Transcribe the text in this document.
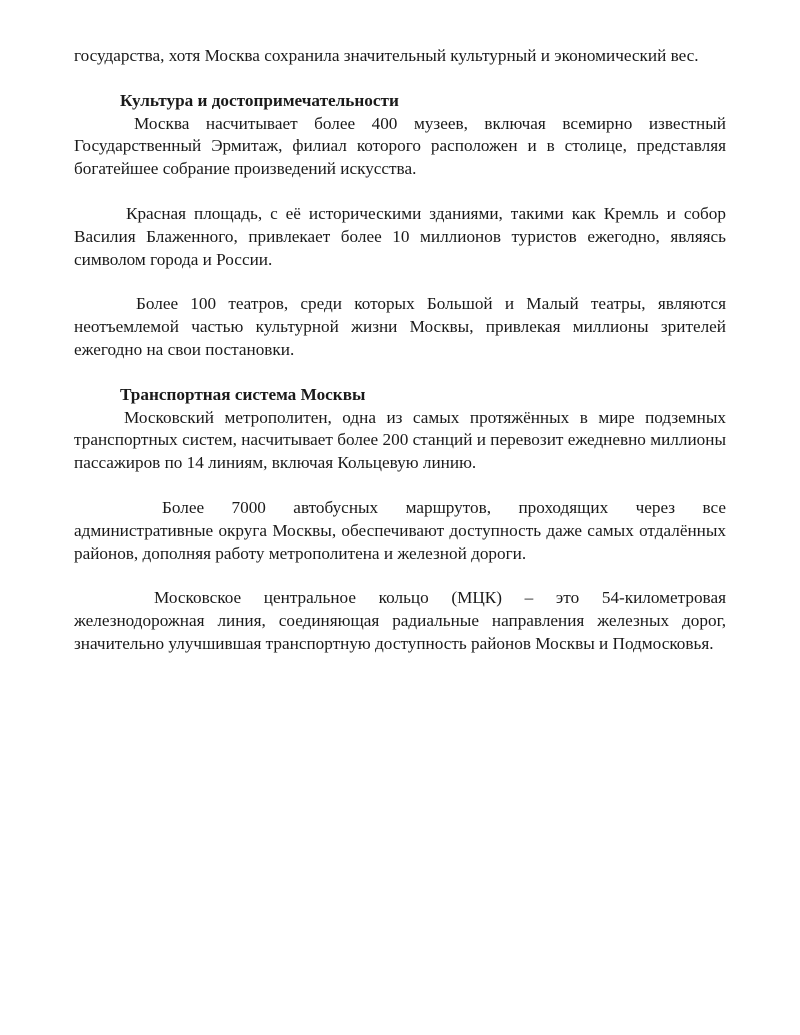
государства, хотя Москва сохранила значительный культурный и экономический вес.

Культура и достопримечательности

Москва насчитывает более 400 музеев, включая всемирно известный Государственный Эрмитаж, филиал которого расположен и в столице, представляя богатейшее собрание произведений искусства.

Красная площадь, с её историческими зданиями, такими как Кремль и собор Василия Блаженного, привлекает более 10 миллионов туристов ежегодно, являясь символом города и России.

Более 100 театров, среди которых Большой и Малый театры, являются неотъемлемой частью культурной жизни Москвы, привлекая миллионы зрителей ежегодно на свои постановки.

Транспортная система Москвы

Московский метрополитен, одна из самых протяжённых в мире подземных транспортных систем, насчитывает более 200 станций и перевозит ежедневно миллионы пассажиров по 14 линиям, включая Кольцевую линию.

Более 7000 автобусных маршрутов, проходящих через все административные округа Москвы, обеспечивают доступность даже самых отдалённых районов, дополняя работу метрополитена и железной дороги.

Московское центральное кольцо (МЦК) – это 54-километровая железнодорожная линия, соединяющая радиальные направления железных дорог, значительно улучшившая транспортную доступность районов Москвы и Подмосковья.
